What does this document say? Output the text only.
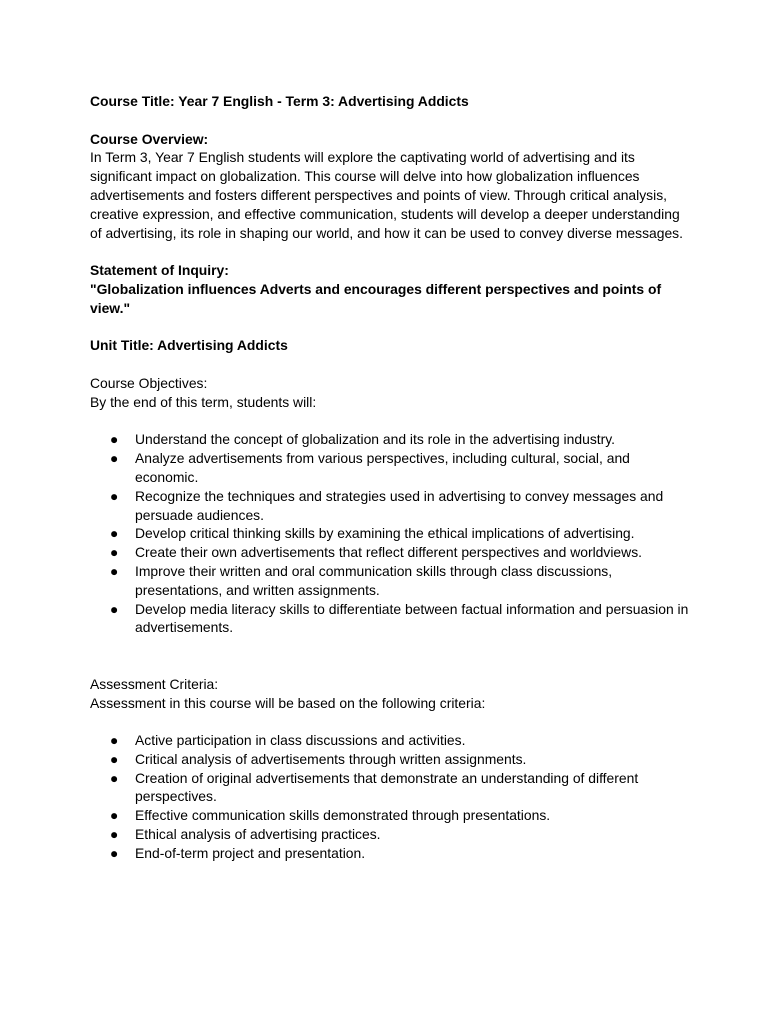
Course Title: Year 7 English - Term 3: Advertising Addicts

Course Overview:

In Term 3, Year 7 English students will explore the captivating world of advertising and its significant impact on globalization. This course will delve into how globalization influences advertisements and fosters different perspectives and points of view. Through critical analysis, creative expression, and effective communication, students will develop a deeper understanding of advertising, its role in shaping our world, and how it can be used to convey diverse messages.

Statement of Inquiry:

"Globalization influences Adverts and encourages different perspectives and points of view."

Unit Title: Advertising Addicts

Course Objectives:

By the end of this term, students will:

● Understand the concept of globalization and its role in the advertising industry.
● Analyze advertisements from various perspectives, including cultural, social, and economic.
● Recognize the techniques and strategies used in advertising to convey messages and persuade audiences.
● Develop critical thinking skills by examining the ethical implications of advertising.
● Create their own advertisements that reflect different perspectives and worldviews.
● Improve their written and oral communication skills through class discussions, presentations, and written assignments.
● Develop media literacy skills to differentiate between factual information and persuasion in advertisements.

Assessment Criteria:

Assessment in this course will be based on the following criteria:

● Active participation in class discussions and activities.
● Critical analysis of advertisements through written assignments.
● Creation of original advertisements that demonstrate an understanding of different perspectives.
● Effective communication skills demonstrated through presentations.
● Ethical analysis of advertising practices.
● End-of-term project and presentation.
